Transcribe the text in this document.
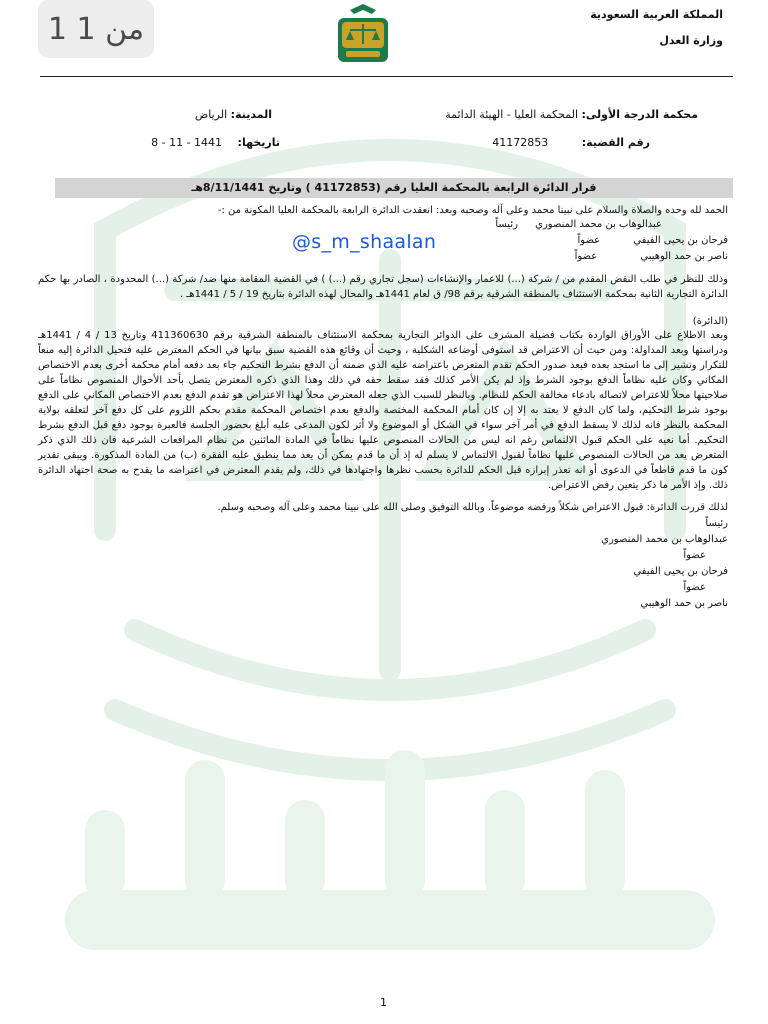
1 من 1	المملكة العربية السعودية
وزارة العدل
محكمة الدرجة الأولى: المحكمة العليا - الهيئة الدائمة
المدينة: الرياض
رقم القضية: 41172853
تاريخها: 8 - 11 - 1441
قرار الدائرة الرابعة بالمحكمة العليا رقم (41172853 ) وتاريخ 8/11/1441هـ
الحمد لله وحده والصلاة والسلام على نبينا محمد وعلى آله وصحبه وبعد: انعقدت الدائرة الرابعة بالمحكمة العليا المكونة من :-
عبدالوهاب بن محمد المنصوري رئيساً
فرحان بن يحيى الفيفي عضواً
ناصر بن حمد الوهيبي عضواً
@s_m_shaalan
وذلك للنظر في طلب النقض المقدم من / شركة (...) للاعمار والإنشاءات (سجل تجاري رقم (...) ) في القضية المقامة منها ضد/ شركة (...) المحدودة ، الصادر بها حكم الدائرة التجارية الثانية بمحكمة الاستئناف بالمنطقة الشرقية برقم 98/ ق لعام 1441هـ والمحال لهذه الدائرة بتاريخ 19 / 5 / 1441هـ .
(الدائرة)
وبعد الاطلاع على الأوراق الواردة بكتاب فضيلة المشرف على الدوائر التجارية بمحكمة الاستئناف بالمنطقة الشرقية برقم 411360630 وتاريخ 13 / 4 / 1441هـ ودراستها وبعد المداولة: ومن حيث أن الاعتراض قد استوفى أوضاعه الشكلية ، وحيث أن وقائع هذه القضية سبق بيانها في الحكم المعترض عليه فتحيل الدائرة إليه منعاً للتكرار وتشير إلى ما استجد بعده فبعد صدور الحكم تقدم المتعرض باعتراضه عليه الذي ضمنه أن الدفع بشرط التحكيم جاء بعد دفعه أمام محكمة أخرى بعدم الاختصاص المكاني وكان عليه نظاماً الدفع بوجود الشرط وإذ لم يكن الأمر كذلك فقد سقط حقه في ذلك وهذا الذي ذكره المعترض يتصل بأحد الأحوال المنصوص نظاماً على صلاحيتها محلاً للاعتراض لاتصاله بادعاء مخالفة الحكم للنظام. وبالنظر للسبب الذي جعله المعترض محلاً لهذا الاعتراض هو تقدم الدفع بعدم الاختصاص المكاني على الدفع بوجود شرط التحكيم، ولما كان الدفع لا يعتد به إلا إن كان أمام المحكمة المختصة والدفع بعدم اختصاص المحكمة مقدم بحكم اللزوم على كل دفع آخر لتعلقه بولاية المحكمة بالنظر فانه لذلك لا يسقط الدفع في أمر آخر سواء في الشكل أو الموضوع ولا أثر لكون المدعى عليه أبلغ بحضور الجلسة فالعبرة بوجود دفع قبل الدفع بشرط التحكيم. أما نعيه على الحكم قبول الالتماس رغم انه ليس من الحالات المنصوص عليها نظاماً في المادة الماثنين من نظام المرافعات الشرعية فان ذلك الذي ذكر المتعرض يعد من الحالات المنصوص عليها نظاماً لقبول الالتماس لا يسلم له إذ أن ما قدم يمكن أن يعد مما ينطبق عليه الفقرة (ب) من المادة المذكورة. ويبقى تقدير كون ما قدم قاطعاً في الدعوى أو انه تعذر إبرازه قبل الحكم للدائرة بحسب نظرها واجتهادها في ذلك، ولم يقدم المعترض في اعتراضه ما يقدح به صحة اجتهاد الدائرة ذلك. وإذ الأمر ما ذكر يتعين رفض الاعتراض.
لذلك قررت الدائرة: قبول الاعتراض شكلاً ورفضه موضوعاً. وبالله التوفيق وصلى الله على نبينا محمد وعلى آله وصحبه وسلم.
رئيساً
عبدالوهاب بن محمد المنصوري
عضواً
فرحان بن يحيى الفيفي
عضواً
ناصر بن حمد الوهيبي
1
